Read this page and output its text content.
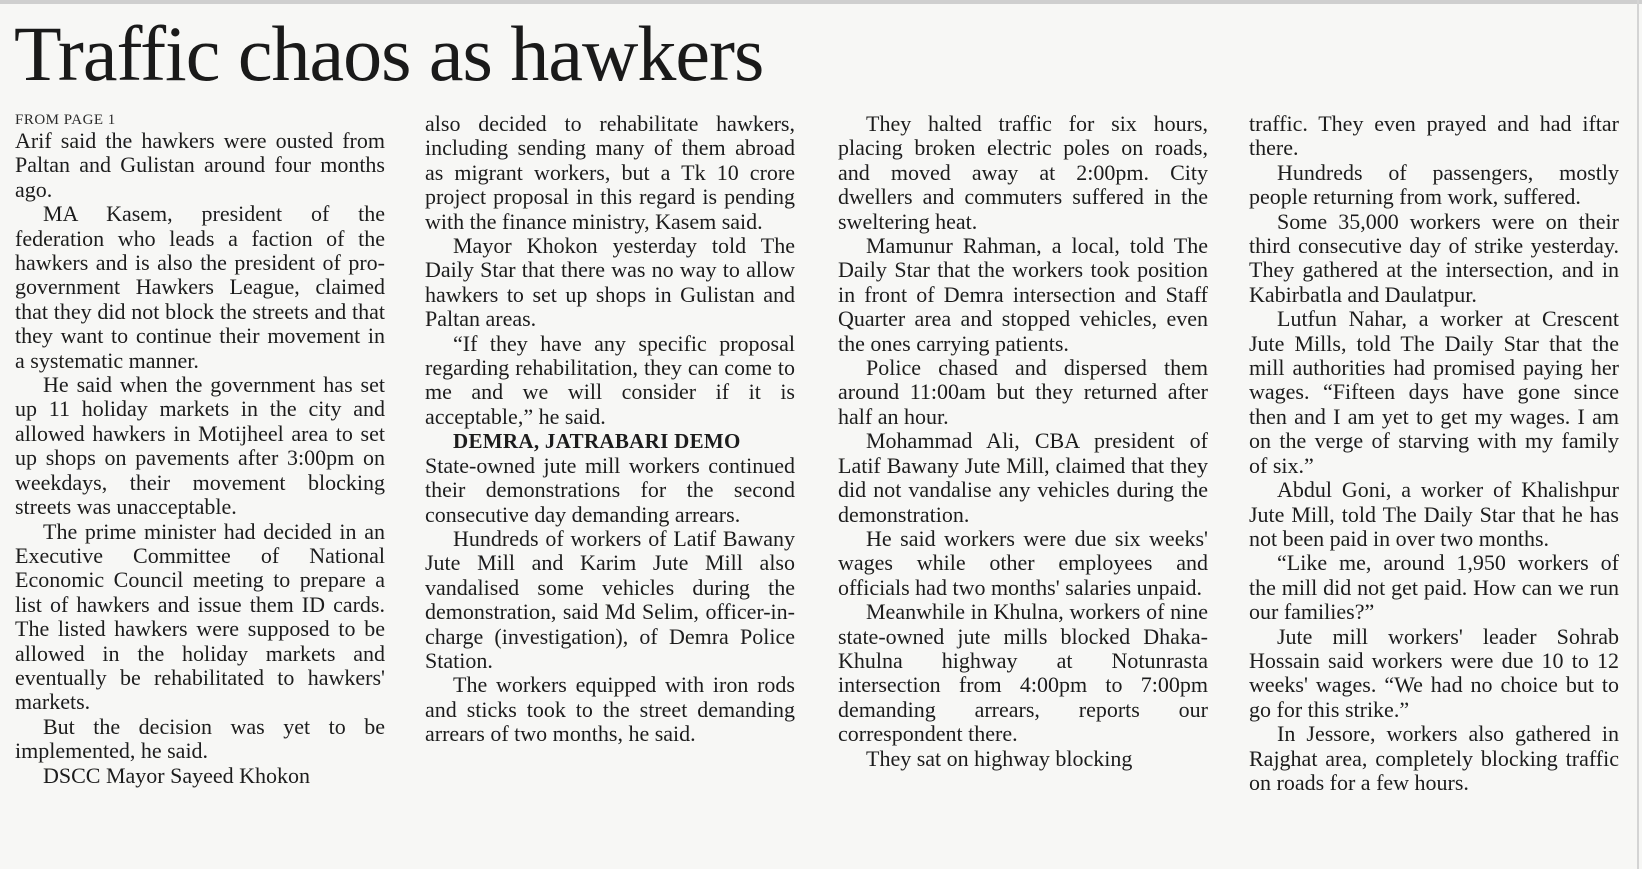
Traffic chaos as hawkers
FROM PAGE 1

Arif said the hawkers were ousted from Paltan and Gulistan around four months ago.

MA Kasem, president of the federation who leads a faction of the hawkers and is also the president of pro-government Hawkers League, claimed that they did not block the streets and that they want to continue their movement in a systematic manner.

He said when the government has set up 11 holiday markets in the city and allowed hawkers in Motijheel area to set up shops on pavements after 3:00pm on weekdays, their movement blocking streets was unacceptable.

The prime minister had decided in an Executive Committee of National Economic Council meeting to prepare a list of hawkers and issue them ID cards. The listed hawkers were supposed to be allowed in the holiday markets and eventually be rehabilitated to hawkers' markets.

But the decision was yet to be implemented, he said.

DSCC Mayor Sayeed Khokon

also decided to rehabilitate hawkers, including sending many of them abroad as migrant workers, but a Tk 10 crore project proposal in this regard is pending with the finance ministry, Kasem said.

Mayor Khokon yesterday told The Daily Star that there was no way to allow hawkers to set up shops in Gulistan and Paltan areas.

“If they have any specific proposal regarding rehabilitation, they can come to me and we will consider if it is acceptable,” he said.

DEMRA, JATRABARI DEMO

State-owned jute mill workers continued their demonstrations for the second consecutive day demanding arrears.

Hundreds of workers of Latif Bawany Jute Mill and Karim Jute Mill also vandalised some vehicles during the demonstration, said Md Selim, officer-in-charge (investigation), of Demra Police Station.

The workers equipped with iron rods and sticks took to the street demanding arrears of two months, he said.

They halted traffic for six hours, placing broken electric poles on roads, and moved away at 2:00pm. City dwellers and commuters suffered in the sweltering heat.

Mamunur Rahman, a local, told The Daily Star that the workers took position in front of Demra intersection and Staff Quarter area and stopped vehicles, even the ones carrying patients.

Police chased and dispersed them around 11:00am but they returned after half an hour.

Mohammad Ali, CBA president of Latif Bawany Jute Mill, claimed that they did not vandalise any vehicles during the demonstration.

He said workers were due six weeks' wages while other employees and officials had two months' salaries unpaid.

Meanwhile in Khulna, workers of nine state-owned jute mills blocked Dhaka-Khulna highway at Notunrasta intersection from 4:00pm to 7:00pm demanding arrears, reports our correspondent there.

They sat on highway blocking

traffic. They even prayed and had iftar there.

Hundreds of passengers, mostly people returning from work, suffered.

Some 35,000 workers were on their third consecutive day of strike yesterday. They gathered at the intersection, and in Kabirbatla and Daulatpur.

Lutfun Nahar, a worker at Crescent Jute Mills, told The Daily Star that the mill authorities had promised paying her wages. “Fifteen days have gone since then and I am yet to get my wages. I am on the verge of starving with my family of six.”

Abdul Goni, a worker of Khalishpur Jute Mill, told The Daily Star that he has not been paid in over two months.

“Like me, around 1,950 workers of the mill did not get paid. How can we run our families?”

Jute mill workers' leader Sohrab Hossain said workers were due 10 to 12 weeks' wages. “We had no choice but to go for this strike.”

In Jessore, workers also gathered in Rajghat area, completely blocking traffic on roads for a few hours.
